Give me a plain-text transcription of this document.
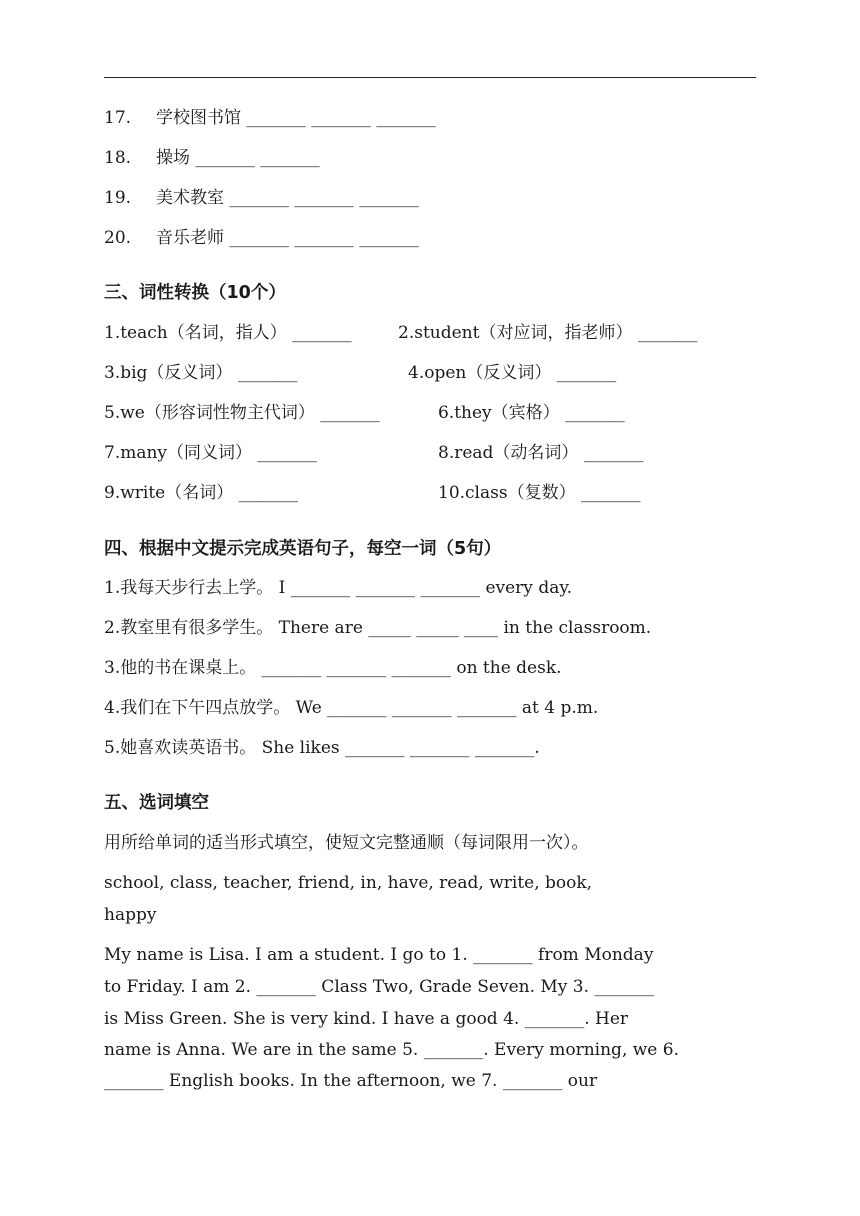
17. 学校图书馆 _______ _______ _______
18. 操场 _______ _______
19. 美术教室 _______ _______ _______
20. 音乐老师 _______ _______ _______
三、词性转换（10个）
1.teach（名词，指人） _______	2.student（对应词，指老师） _______
3.big（反义词） _______	4.open（反义词） _______
5.we（形容词性物主代词） _______	6.they（宾格） _______
7.many（同义词） _______	8.read（动名词） _______
9.write（名词） _______	10.class（复数） _______
四、根据中文提示完成英语句子，每空一词（5句）
1.我每天步行去上学。 I _______ _______ _______ every day.
2.教室里有很多学生。 There are _____ _____ ____ in the classroom.
3.他的书在课桌上。 _______ _______ _______ on the desk.
4.我们在下午四点放学。 We _______ _______ _______ at 4 p.m.
5.她喜欢读英语书。 She likes _______ _______ _______.
五、选词填空
用所给单词的适当形式填空，使短文完整通顺（每词限用一次）。
school, class, teacher, friend, in, have, read, write, book,
happy
My name is Lisa. I am a student. I go to 1. _______ from Monday
to Friday. I am 2. _______ Class Two, Grade Seven. My 3. _______
is Miss Green. She is very kind. I have a good 4. _______. Her
name is Anna. We are in the same 5. _______. Every morning, we 6.
_______ English books. In the afternoon, we 7. _______ our
